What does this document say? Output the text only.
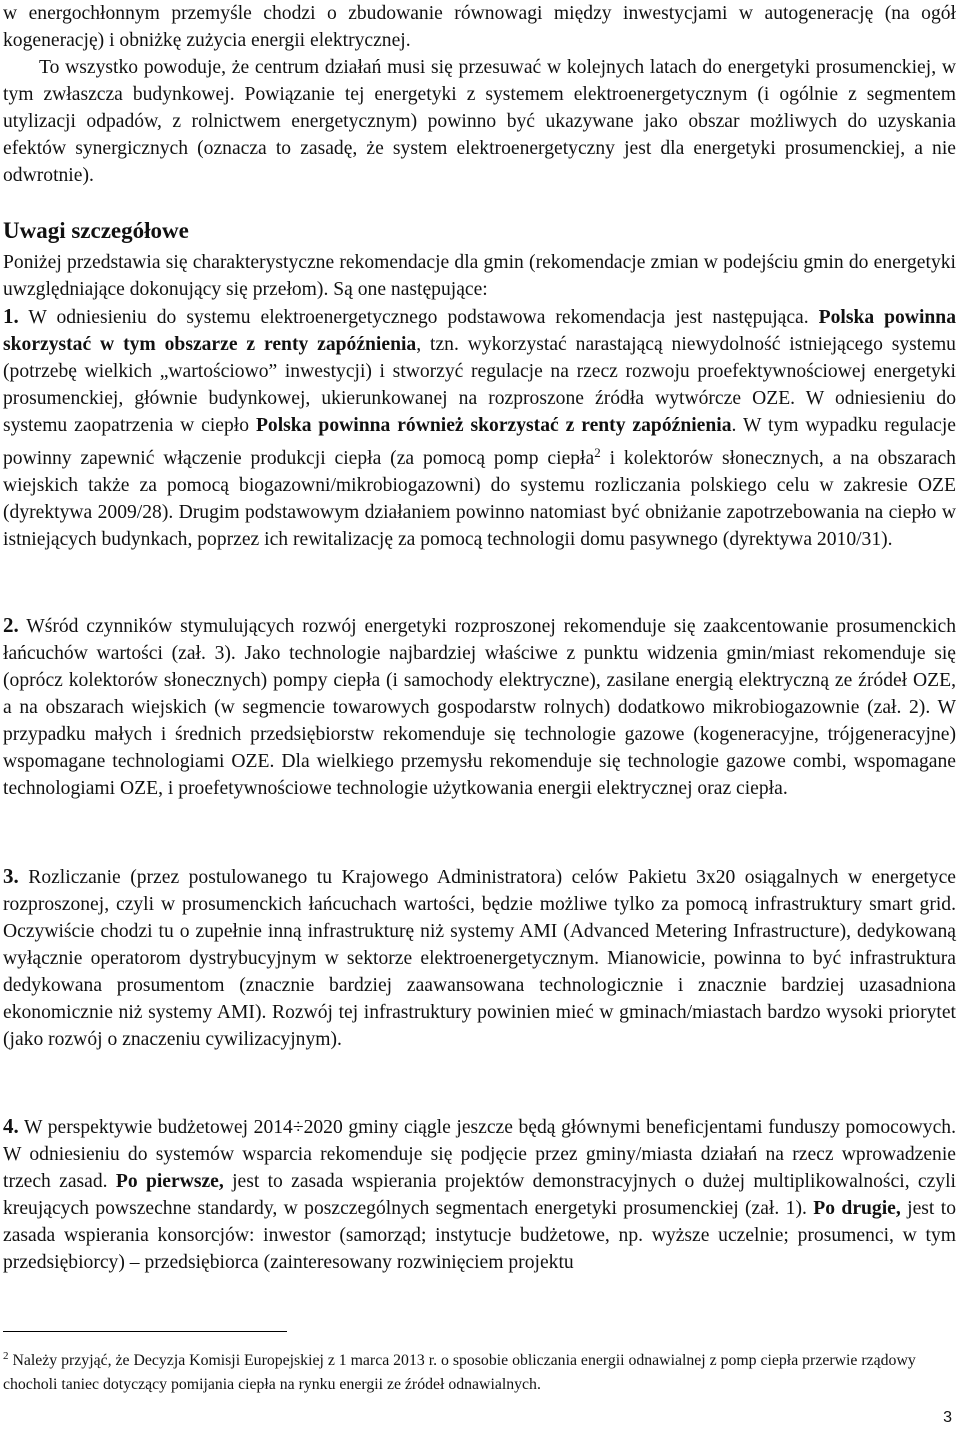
w energochłonnym przemyśle chodzi o zbudowanie równowagi między inwestycjami w autogenerację (na ogół kogenerację) i obniżkę zużycia energii elektrycznej.

To wszystko powoduje, że centrum działań musi się przesuwać w kolejnych latach do energetyki prosumenckiej, w tym zwłaszcza budynkowej. Powiązanie tej energetyki z systemem elektroenergetycznym (i ogólnie z segmentem utylizacji odpadów, z rolnictwem energetycznym) powinno być ukazywane jako obszar możliwych do uzyskania efektów synergicznych (oznacza to zasadę, że system elektroenergetyczny jest dla energetyki prosumenckiej, a nie odwrotnie).

Uwagi szczegółowe

Poniżej przedstawia się charakterystyczne rekomendacje dla gmin (rekomendacje zmian w podejściu gmin do energetyki uwzględniające dokonujący się przełom). Są one następujące:

1. W odniesieniu do systemu elektroenergetycznego podstawowa rekomendacja jest następująca. Polska powinna skorzystać w tym obszarze z renty zapóźnienia, tzn. wykorzystać narastającą niewydolność istniejącego systemu (potrzebę wielkich „wartościowo” inwestycji) i stworzyć regulacje na rzecz rozwoju proefektywnościowej energetyki prosumenckiej, głównie budynkowej, ukierunkowanej na rozproszone źródła wytwórcze OZE. W odniesieniu do systemu zaopatrzenia w ciepło Polska powinna również skorzystać z renty zapóźnienia. W tym wypadku regulacje powinny zapewnić włączenie produkcji ciepła (za pomocą pomp ciepła$^2$ i kolektorów słonecznych, a na obszarach wiejskich także za pomocą biogazowni/mikrobiogazowni) do systemu rozliczania polskiego celu w zakresie OZE (dyrektywa 2009/28). Drugim podstawowym działaniem powinno natomiast być obniżanie zapotrzebowania na ciepło w istniejących budynkach, poprzez ich rewitalizację za pomocą technologii domu pasywnego (dyrektywa 2010/31).

2. Wśród czynników stymulujących rozwój energetyki rozproszonej rekomenduje się zaakcentowanie prosumenckich łańcuchów wartości (zał. 3). Jako technologie najbardziej właściwe z punktu widzenia gmin/miast rekomenduje się (oprócz kolektorów słonecznych) pompy ciepła (i samochody elektryczne), zasilane energią elektryczną ze źródeł OZE, a na obszarach wiejskich (w segmencie towarowych gospodarstw rolnych) dodatkowo mikrobiogazownie (zał. 2). W przypadku małych i średnich przedsiębiorstw rekomenduje się technologie gazowe (kogeneracyjne, trójgeneracyjne) wspomagane technologiami OZE. Dla wielkiego przemysłu rekomenduje się technologie gazowe combi, wspomagane technologiami OZE, i proefetywnościowe technologie użytkowania energii elektrycznej oraz ciepła.

3. Rozliczanie (przez postulowanego tu Krajowego Administratora) celów Pakietu 3x20 osiągalnych w energetyce rozproszonej, czyli w prosumenckich łańcuchach wartości, będzie możliwe tylko za pomocą infrastruktury smart grid. Oczywiście chodzi tu o zupełnie inną infrastrukturę niż systemy AMI (Advanced Metering Infrastructure), dedykowaną wyłącznie operatorom dystrybucyjnym w sektorze elektroenergetycznym. Mianowicie, powinna to być infrastruktura dedykowana prosumentom (znacznie bardziej zaawansowana technologicznie i znacznie bardziej uzasadniona ekonomicznie niż systemy AMI). Rozwój tej infrastruktury powinien mieć w gminach/miastach bardzo wysoki priorytet (jako rozwój o znaczeniu cywilizacyjnym).

4. W perspektywie budżetowej 2014÷2020 gminy ciągle jeszcze będą głównymi beneficjentami funduszy pomocowych. W odniesieniu do systemów wsparcia rekomenduje się podjęcie przez gminy/miasta działań na rzecz wprowadzenie trzech zasad. Po pierwsze, jest to zasada wspierania projektów demonstracyjnych o dużej multiplikowalności, czyli kreujących powszechne standardy, w poszczególnych segmentach energetyki prosumenckiej (zał. 1). Po drugie, jest to zasada wspierania konsorcjów: inwestor (samorząd; instytucje budżetowe, np. wyższe uczelnie; prosumenci, w tym przedsiębiorcy) – przedsiębiorca (zainteresowany rozwinięciem projektu

$^2$ Należy przyjąć, że Decyzja Komisji Europejskiej z 1 marca 2013 r. o sposobie obliczania energii odnawialnej z pomp ciepła przerwie rządowy chocholi taniec dotyczący pomijania ciepła na rynku energii ze źródeł odnawialnych.

3
